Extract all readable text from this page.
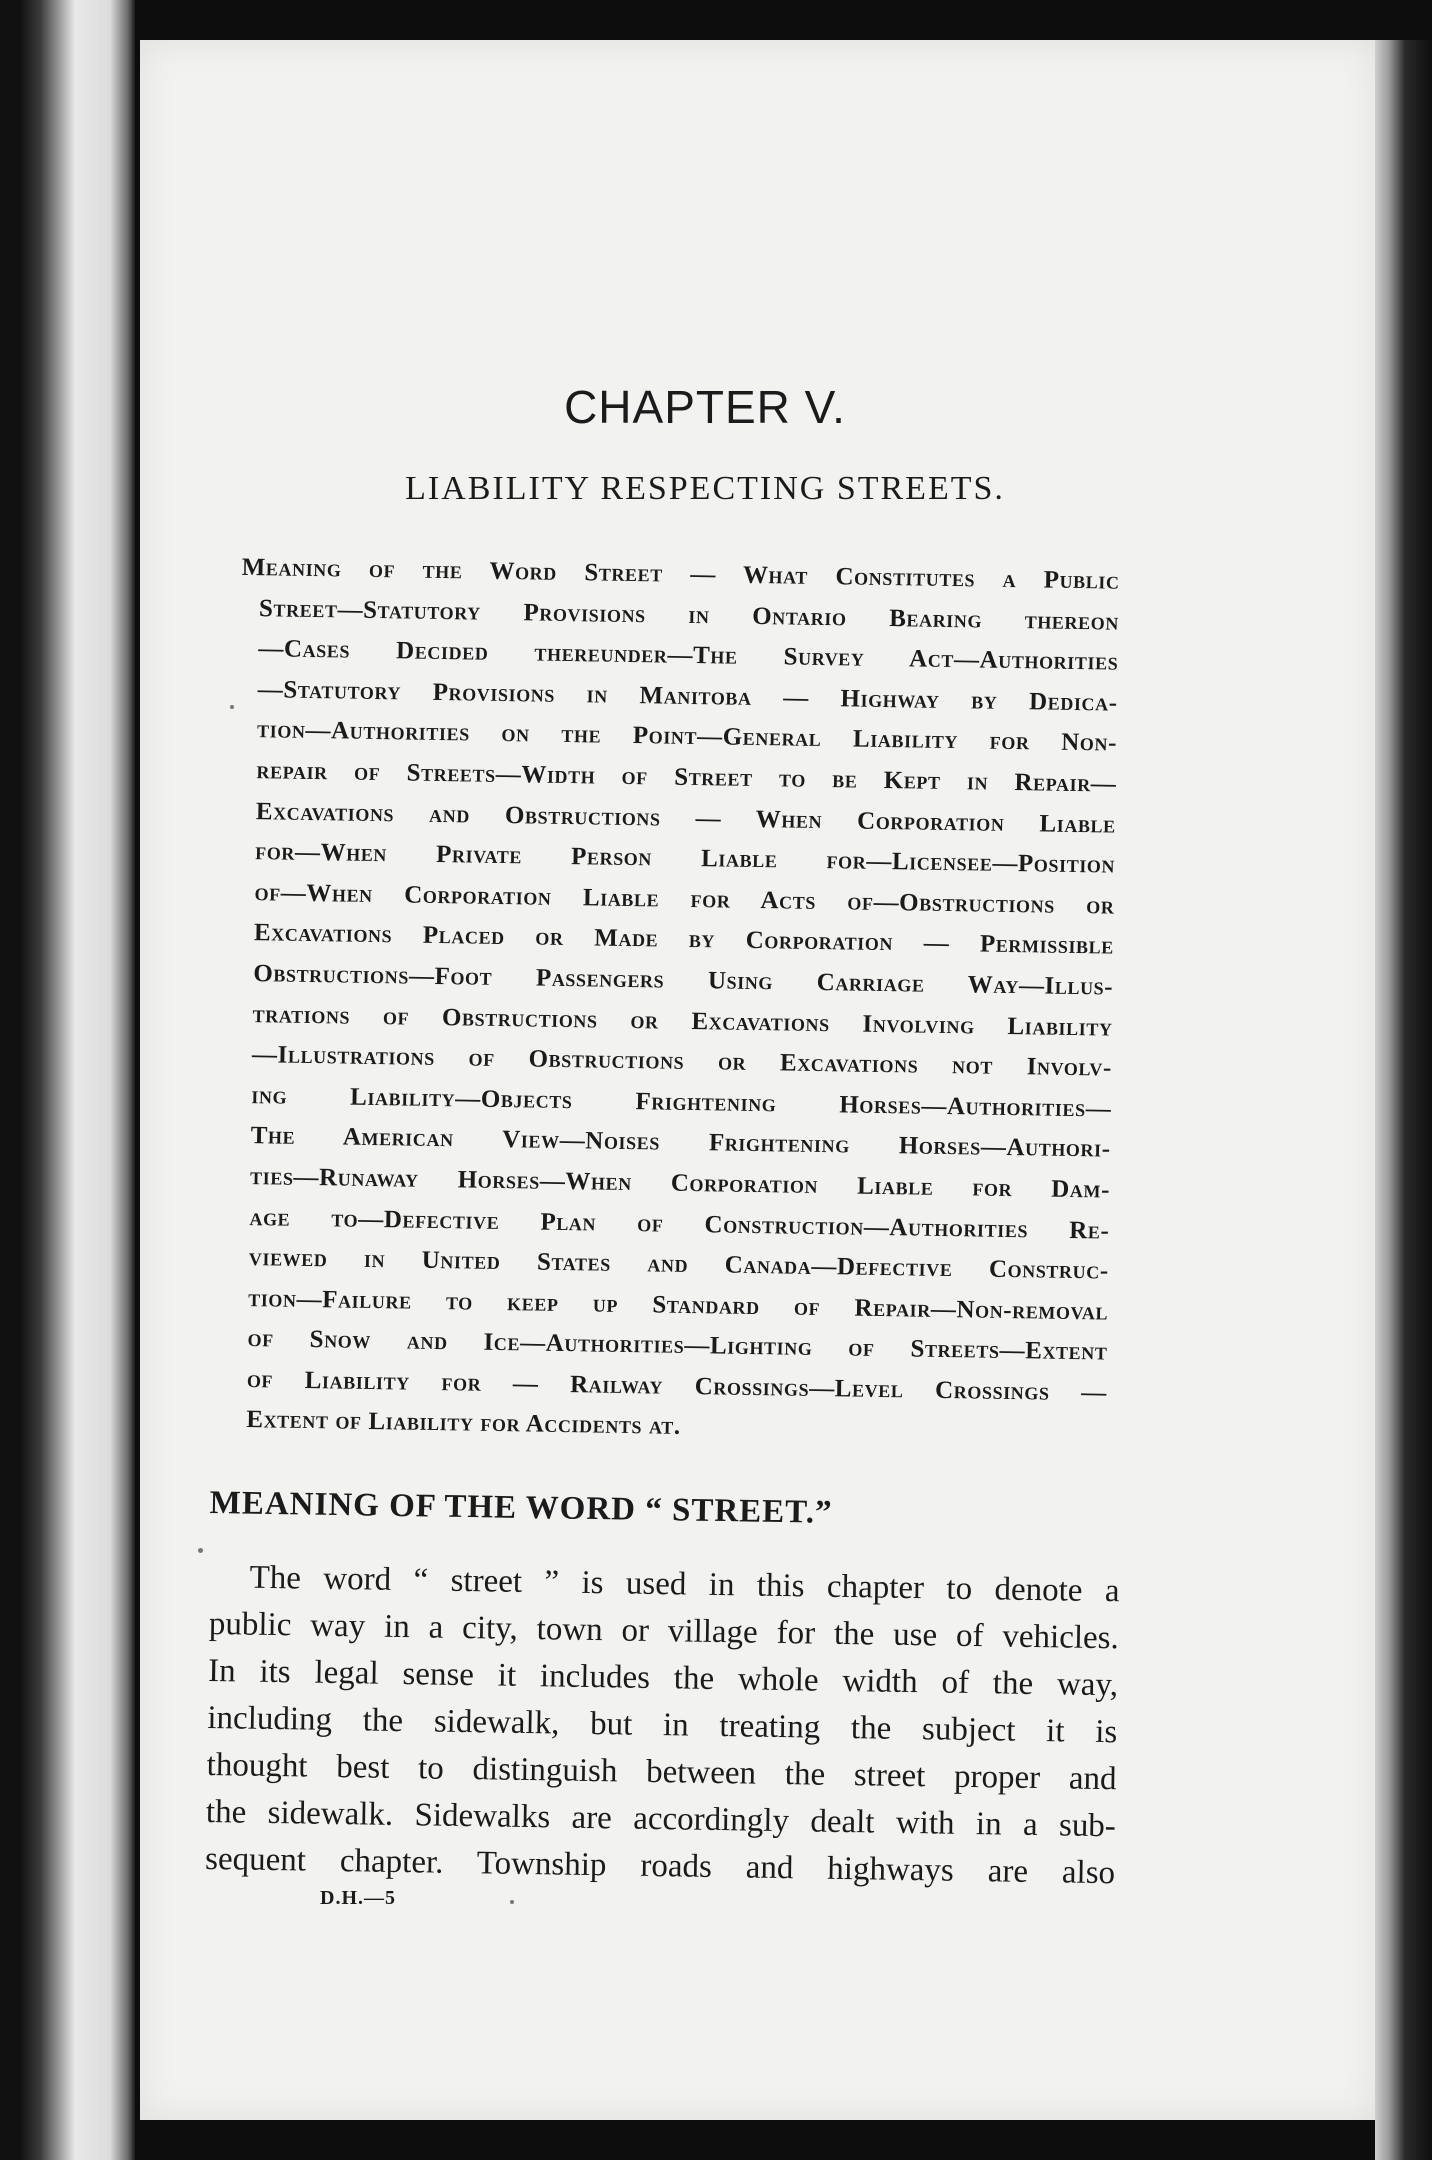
CHAPTER V.
LIABILITY RESPECTING STREETS.
Meaning of the Word Street — What Constitutes a Public
Street—Statutory Provisions in Ontario Bearing thereon
—Cases Decided thereunder—The Survey Act—Authorities
—Statutory Provisions in Manitoba — Highway by Dedica-
tion—Authorities on the Point—General Liability for Non-
repair of Streets—Width of Street to be Kept in Repair—
Excavations and Obstructions — When Corporation Liable
for—When Private Person Liable for—Licensee—Position
of—When Corporation Liable for Acts of—Obstructions or
Excavations Placed or Made by Corporation — Permissible
Obstructions—Foot Passengers Using Carriage Way—Illus-
trations of Obstructions or Excavations Involving Liability
—Illustrations of Obstructions or Excavations not Involv-
ing Liability—Objects Frightening Horses—Authorities—
The American View—Noises Frightening Horses—Authori-
ties—Runaway Horses—When Corporation Liable for Dam-
age to—Defective Plan of Construction—Authorities Re-
viewed in United States and Canada—Defective Construc-
tion—Failure to keep up Standard of Repair—Non-removal
of Snow and Ice—Authorities—Lighting of Streets—Extent
of Liability for — Railway Crossings—Level Crossings —
Extent of Liability for Accidents at.
MEANING OF THE WORD “ STREET.”
The word “ street ” is used in this chapter to denote a
public way in a city, town or village for the use of vehicles.
In its legal sense it includes the whole width of the way,
including the sidewalk, but in treating the subject it is
thought best to distinguish between the street proper and
the sidewalk. Sidewalks are accordingly dealt with in a sub-
sequent chapter. Township roads and highways are also
D.H.—5
